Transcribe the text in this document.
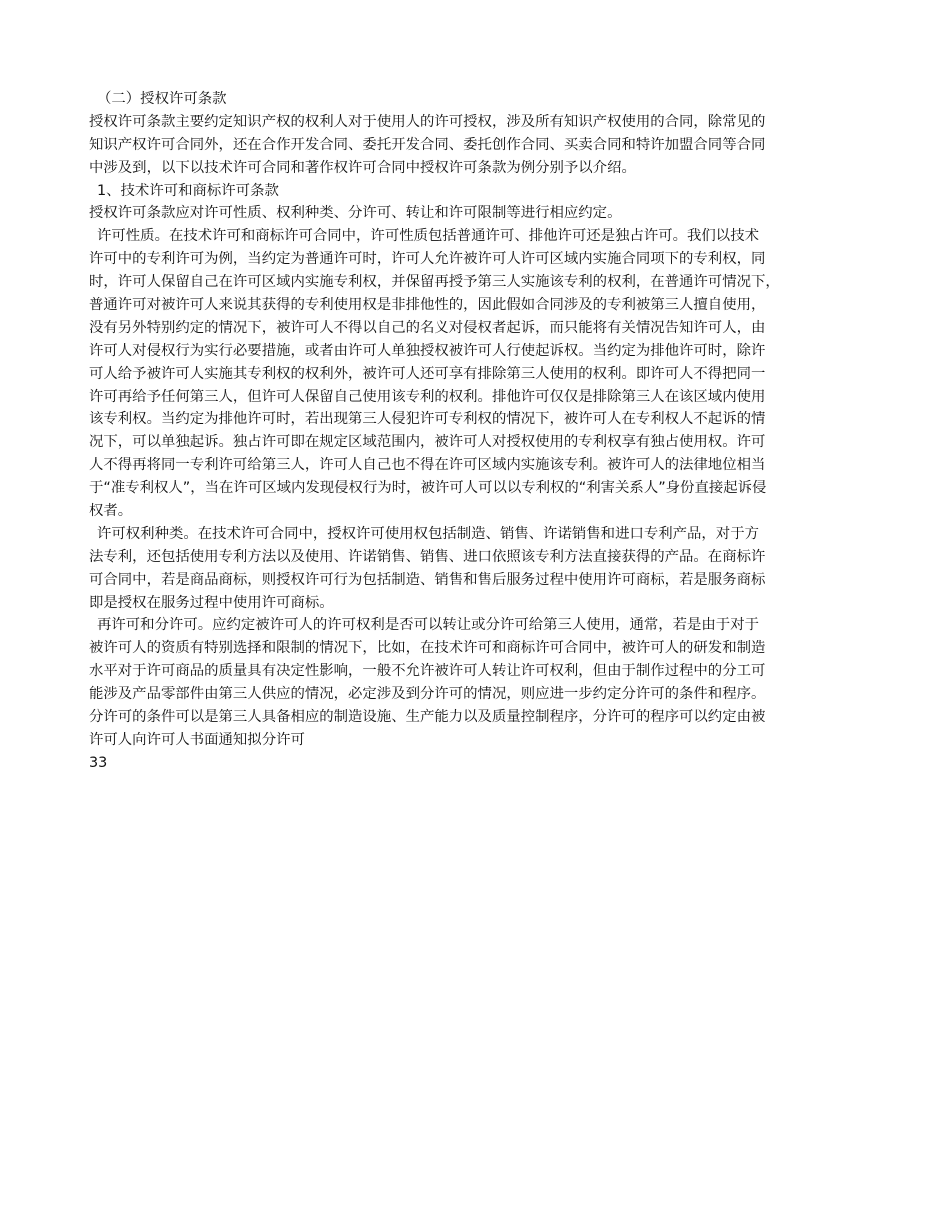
（二）授权许可条款
授权许可条款主要约定知识产权的权利人对于使用人的许可授权，涉及所有知识产权使用的合同，除常见的
知识产权许可合同外，还在合作开发合同、委托开发合同、委托创作合同、买卖合同和特许加盟合同等合同
中涉及到，以下以技术许可合同和著作权许可合同中授权许可条款为例分别予以介绍。
1、技术许可和商标许可条款
授权许可条款应对许可性质、权利种类、分许可、转让和许可限制等进行相应约定。
许可性质。在技术许可和商标许可合同中，许可性质包括普通许可、排他许可还是独占许可。我们以技术
许可中的专利许可为例，当约定为普通许可时，许可人允许被许可人许可区域内实施合同项下的专利权，同
时，许可人保留自己在许可区域内实施专利权，并保留再授予第三人实施该专利的权利，在普通许可情况下，
普通许可对被许可人来说其获得的专利使用权是非排他性的，因此假如合同涉及的专利被第三人擅自使用，
没有另外特别约定的情况下，被许可人不得以自己的名义对侵权者起诉，而只能将有关情况告知许可人，由
许可人对侵权行为实行必要措施，或者由许可人单独授权被许可人行使起诉权。当约定为排他许可时，除许
可人给予被许可人实施其专利权的权利外，被许可人还可享有排除第三人使用的权利。即许可人不得把同一
许可再给予任何第三人，但许可人保留自己使用该专利的权利。排他许可仅仅是排除第三人在该区域内使用
该专利权。当约定为排他许可时，若出现第三人侵犯许可专利权的情况下，被许可人在专利权人不起诉的情
况下，可以单独起诉。独占许可即在规定区域范围内，被许可人对授权使用的专利权享有独占使用权。许可
人不得再将同一专利许可给第三人，许可人自己也不得在许可区域内实施该专利。被许可人的法律地位相当
于“准专利权人”，当在许可区域内发现侵权行为时，被许可人可以以专利权的“利害关系人”身份直接起诉侵
权者。
许可权利种类。在技术许可合同中，授权许可使用权包括制造、销售、许诺销售和进口专利产品，对于方
法专利，还包括使用专利方法以及使用、许诺销售、销售、进口依照该专利方法直接获得的产品。在商标许
可合同中，若是商品商标，则授权许可行为包括制造、销售和售后服务过程中使用许可商标，若是服务商标
即是授权在服务过程中使用许可商标。
再许可和分许可。应约定被许可人的许可权利是否可以转让或分许可给第三人使用，通常，若是由于对于
被许可人的资质有特别选择和限制的情况下，比如，在技术许可和商标许可合同中，被许可人的研发和制造
水平对于许可商品的质量具有决定性影响，一般不允许被许可人转让许可权利，但由于制作过程中的分工可
能涉及产品零部件由第三人供应的情况，必定涉及到分许可的情况，则应进一步约定分许可的条件和程序。
分许可的条件可以是第三人具备相应的制造设施、生产能力以及质量控制程序，分许可的程序可以约定由被
许可人向许可人书面通知拟分许可
33
